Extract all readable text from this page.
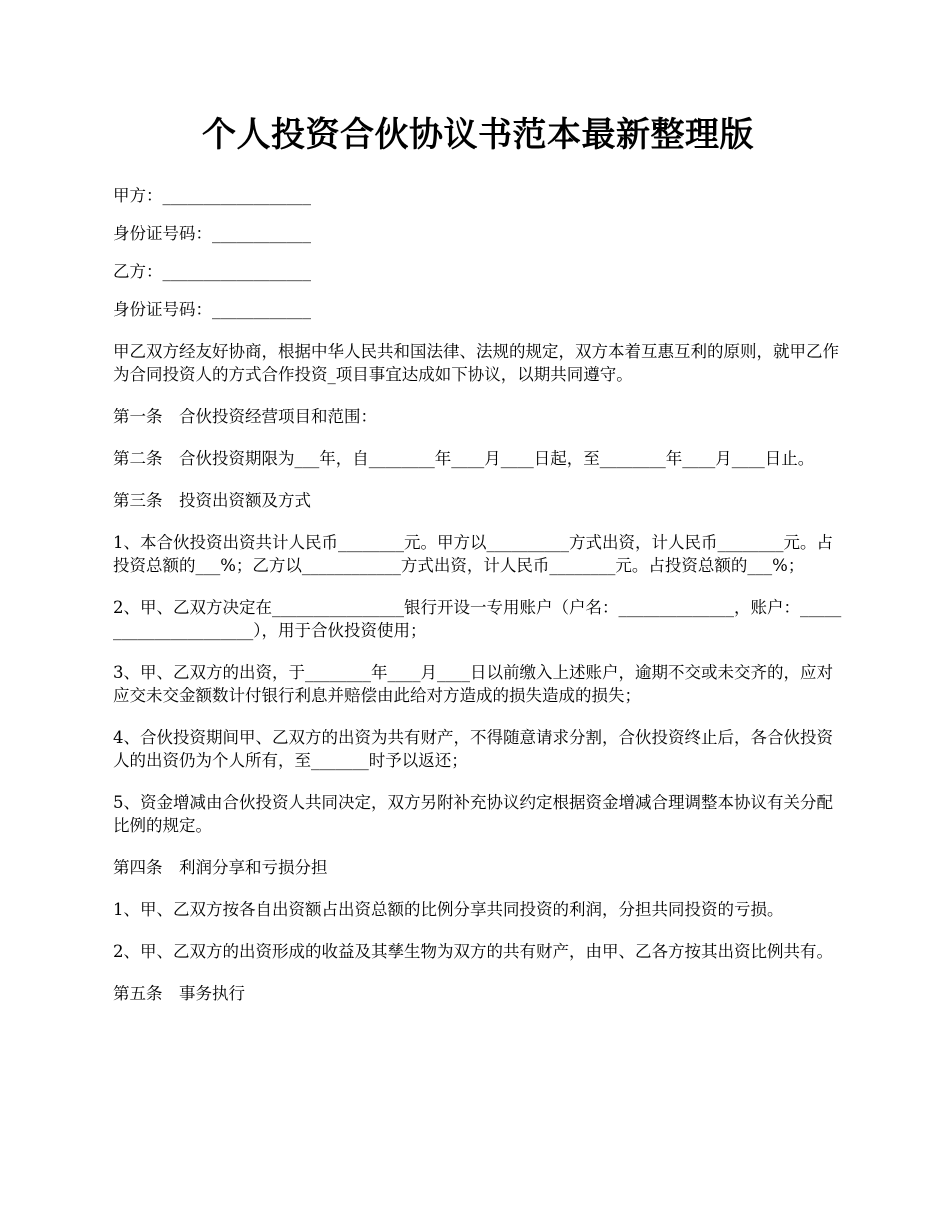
个人投资合伙协议书范本最新整理版

甲方：__________________

身份证号码：____________

乙方：__________________

身份证号码：____________

甲乙双方经友好协商，根据中华人民共和国法律、法规的规定，双方本着互惠互利的原则，就甲乙作为合同投资人的方式合作投资_项目事宜达成如下协议，以期共同遵守。

第一条　合伙投资经营项目和范围：

第二条　合伙投资期限为___年，自________年____月____日起，至________年____月____日止。

第三条　投资出资额及方式

1、本合伙投资出资共计人民币________元。甲方以__________方式出资，计人民币________元。占投资总额的___%；乙方以____________方式出资，计人民币________元。占投资总额的___%；

2、甲、乙双方决定在________________银行开设一专用账户（户名：______________，账户：______________________），用于合伙投资使用；

3、甲、乙双方的出资，于________年____月____日以前缴入上述账户，逾期不交或未交齐的，应对应交未交金额数计付银行利息并赔偿由此给对方造成的损失造成的损失；

4、合伙投资期间甲、乙双方的出资为共有财产，不得随意请求分割，合伙投资终止后，各合伙投资人的出资仍为个人所有，至_______时予以返还；

5、资金增减由合伙投资人共同决定，双方另附补充协议约定根据资金增减合理调整本协议有关分配比例的规定。

第四条　利润分享和亏损分担

1、甲、乙双方按各自出资额占出资总额的比例分享共同投资的利润，分担共同投资的亏损。

2、甲、乙双方的出资形成的收益及其孳生物为双方的共有财产，由甲、乙各方按其出资比例共有。

第五条　事务执行
